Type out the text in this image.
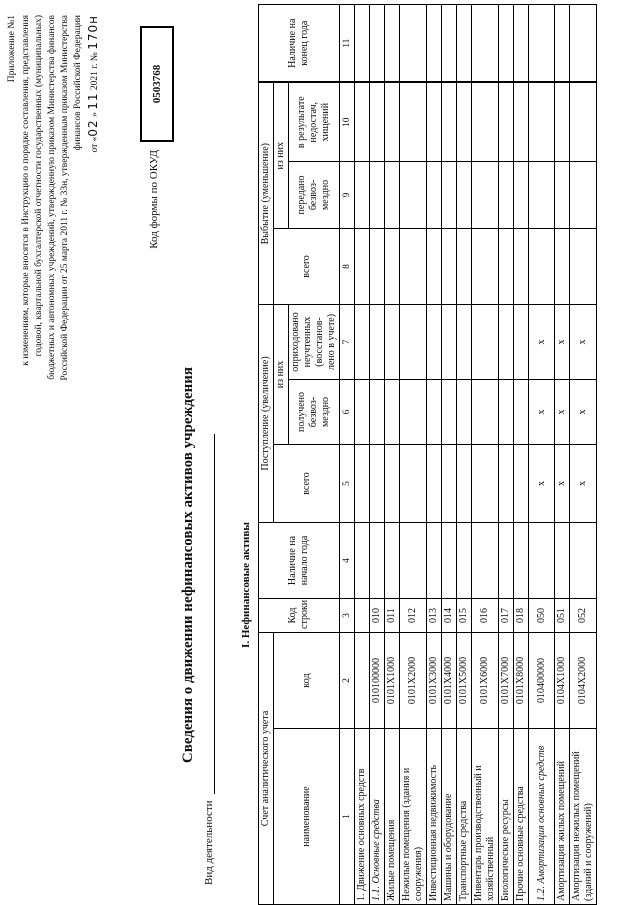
Приложение №1 к изменениям, которые вносятся в Инструкцию о порядке составления, представления годовой, квартальной бухгалтерской отчетности государственных (муниципальных) бюджетных и автономных учреждений, утвержденную приказом Министерства финансов Российской Федерации от 25 марта 2011 г. № 33н, утвержденным приказом Министерства финансов Российской Федерации от «02 » 11 2021 г. № 170н
Код формы по ОКУД
0503768
Сведения о движении нефинансовых активов учреждения
Вид деятельности
I. Нефинансовые активы
Счет аналитического учета		Код строки	Наличие на начало года	Поступление (увеличение)			Выбытие (уменьшение)			Наличие на конец года
наименование	код			всего	из них		всего	из них		
					получено безвоз-мездно	оприходовано неучтенных (восстанов-лено в учете)		передано безвоз-мездно	в результате недостач, хищений	
1	2	3	4	5	6	7	8	9	10	11
1. Движение основных средств										
1.1. Основные средства	010100000	010								
Жилые помещения	0101X1000	011								
Нежилые помещения (здания и сооружения)	0101X2000	012								
Инвестиционная недвижимость	0101X3000	013								
Машины и оборудование	0101X4000	014								
Транспортные средства	0101X5000	015								
Инвентарь производственный и хозяйственный	0101X6000	016								
Биологические ресурсы	0101X7000	017								
Прочие основные средства	0101X8000	018								
1.2. Амортизация основных средств	010400000	050		x	x	x				
Амортизация жилых помещений	0104X1000	051		x	x	x				
Амортизация нежилых помещений (зданий и сооружений)	0104X2000	052		x	x	x				
